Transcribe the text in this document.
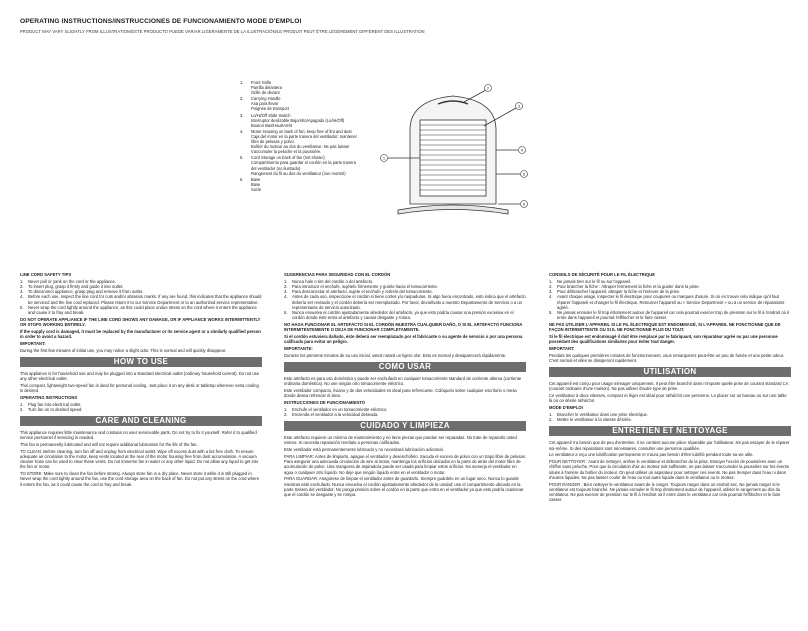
OPERATING INSTRUCTIONS/INSTRUCCIONES DE FUNCIONAMIENTO MODE D'EMPLOI
PRODUCT MAY VARY SLIGHTLY FROM ILLUSTRATION/ESTE PRODUCTO PUEDE VARIAR LIGERAMENTE DE LA ILUSTRACIÓN/LE PRODUIT PEUT ÊTRE LÉGÈREMENT DIFFÉRENT DES ILLUSTRATION
1.	Front Grille
Parrilla delantera
Grille de devant
2.	Carrying Handle
Asa para llevar
Poignée de transport
3.	Lo/Hi/Off Slide Switch
Interruptor deslizable Bajo/Alto/Apagado (Lo/Hi/Off)
Bouton Bas/Haut/Arrêt
4.	Motor Housing on back of fan; keep free of lint and dust
Caja del motor en la parte trasera del ventilador; mantener
libre de pelusas y polvo
Boîtier du moteur au dos du ventilateur. Ne pas laisser
s'accumuler la peluche et la poussière.
5.	Cord Storage on back of fan (not shown)
Compartimento para guardar el cordón en la parte trasera
del ventilador (no ilustrado)
Rangement du fil au dos du ventilateur (non montré)
6.	Base
Base
Socle
1
2
3
4
5
6

LINE CORD SAFETY TIPS

1.	Never pull or yank on the cord or the appliance.
2.	To insert plug, grasp it firmly and guide it into outlet.
3.	To disconnect appliance, grasp plug and remove it from outlet.
4.	Before each use, inspect the line cord for cuts and/or abrasion marks. If any are found, this indicates that the appliance should be serviced and the line cord replaced. Please return it to our Service Department or to an authorized service representative.
5.	Never wrap the cord tightly around the appliance, as this could place undue stress on the cord where it enters the appliance and cause it to fray and break.

DO NOT OPERATE APPLIANCE IF THE LINE CORD SHOWS ANY DAMAGE, OR IF APPLIANCE WORKS INTERMITTENTLY OR STOPS WORKING ENTIRELY.

If the supply cord is damaged, it must be replaced by the manufacturer or its service agent or a similarly qualified person in order to avoid a hazard.

IMPORTANT:

During the first few minutes of initial use, you may notice a slight odor. This is normal and will quickly disappear.

HOW TO USE

This appliance is for household use and may be plugged into a standard electrical outlet (ordinary household current). Do not use any other electrical outlet.

This compact, lightweight two-speed fan is ideal for personal cooling. Just place it on any desk or tabletop wherever extra cooling is desired.

OPERATING INSTRUCTIONS

1.	Plug fan into electrical outlet.
2.	Turn fan on to desired speed.
CARE AND CLEANING

This appliance requires little maintenance and contains no user serviceable parts. Do not try to fix it yourself. Refer it to qualified service personnel if servicing is needed.

This fan is permanently lubricated and will not require additional lubrication for the life of the fan.

TO CLEAN: Before cleaning, turn fan off and unplug from electrical outlet. Wipe off excess dust with a lint free cloth. To ensure adequate air circulation to the motor, keep vents located at the rear of the motor housing free from dust accumulation. A vacuum cleaner hose can be used to clear these vents. Do not immerse fan in water or any other liquid. Do not allow any liquid to get into the fan or motor.

TO STORE: Make sure to clean the fan before storing. Always store fan in a dry place. Never store it while it is still plugged in. Never wrap the cord tightly around the fan, use the cord storage area on the back of fan. Do not put any stress on the cord where it enters the fan, as it could cause the cord to fray and break.

SUGERENCIAS PARA SEGURIDAD CON EL CORDÓN

1.	Nunca hale o tire del cordón o del artefacto.
2.	Para introducir el enchufe, sujételo firmemente y guíelo hacia el tomacorriente.
3.	Para desconectar el artefacto, sujete el enchufe y retírelo del tomacorriente.
4.	Antes de cada uso, inspeccione el cordón si tiene cortes y/o raspaduras. Si algo fuera encontrado, esto indica que el artefacto debería ser revisado y el cordón debería ser reemplazado. Por favor, devuélvalo a nuestro Departamento de Servicio o a un representante de servicio autorizado.
5.	Nunca envuelva el cordón ajustadamente alrededor del artefacto, ya que esto podría causar una presión excesiva en el cordón donde éste entra al artefacto y causar desgaste y rotura.

NO HAGA FUNCIONAR EL ARTEFACTO SI EL CORDÓN MUESTRA CUALQUIER DAÑO, O SI EL ARTEFACTO FUNCIONA INTERMITENTEMENTE O DEJA DE FUNCIONAR COMPLETAMENTE.

Si el cordón estuviera dañado, éste deberá ser reemplazado por el fabricante o su agente de servicio o por una persona calificada para evitar un peligro.

IMPORTANTE:

Durante los primeros minutos de su uso inicial, usted notará un ligero olor. Esto es normal y desaparecerá rápidamente.

COMO USAR

Este artefacto es para uso doméstico y puede ser enchufado en cualquier tomacorriente standard de corriente alterna (corriente ordinaria doméstica). No use ningún otro tomacorriente eléctrico.

Este ventilador compacto, liviano y de dos velocidades es ideal para refrescarse. Colóquelo sobre cualquier escritorio o mesa donde desea refrescar el área.

INSTRUCCIONES DE FUNCIONAMIENTO

1.	Enchufe el ventilador en un tomacorriente eléctrico.
2.	Encienda el ventilador a la velocidad deseada.
CUIDADO Y LIMPIEZA

Este artefacto requiere un mínimo de mantenimiento y no tiene piezas que puedan ser reparadas. No trate de repararlo usted mismo. Si necesita reparación remítalo a personas calificadas.

Este ventilador está permanentemente lubricado y no necesitará lubricación adicional.

PARA LIMPIAR: Antes de limpiarlo, apague el ventilador y desenchúfelo. Sacuda el exceso de polvo con un trapo libre de pelusas. Para asegurar una adecuada circulación de aire al motor, mantenga los orificios ubicados en la parte de atrás del motor libre de acumulación de polvo. Una manguera de aspiradora puede ser usada para limpiar estos orificios. No sumerja el ventilador en agua o cualquier otro líquido. No deje que ningún líquido entre en el ventilador o motor.

PARA GUARDAR: Asegúrese de limpiar el ventilador antes de guardarlo. Siempre guárdelo en un lugar seco. Nunca lo guarde mientras esté enchufado. Nunca envuelva el cordón ajustadamente alrededor de la unidad; use el compartimento ubicado en la parte trasera del ventilador. No ponga presión sobre el cordón en la parte que entra en el ventilador ya que esto podría ocasionar que el cordón se desgaste y se rompa.

CONSEILS DE SÉCURITÉ POUR LE FIL ÉLECTRIQUE

1.	Ne jamais tirer sur le fil ou sur l'appareil.
2.	Pour brancher la fiche : Attraper fermement la fiche et la guider dans la prise.
3.	Pour débrancher l'appareil, attraper la fiche et l'enlever de la prise.
4.	Avant chaque usage, inspecter le fil électrique pour coupures ou marques d'usure. Si on en trouve cela indique qu'il faut réparer l'appareil et changer le fil électrique. Retourner l'appareil au « Service Department » ou à un service de réparations agréé.
5.	Ne jamais enrouler le fil trop étroitement autour de l'appareil car cela pourrait exercer trop de pression sur le fil à l'endroit où il entre dans l'appareil et pourrait l'effilocher et le faire casser.

NE PAS UTILISER L'APPAREIL SI LE FIL ÉLECTRIQUE EST ENDOMMAGÉ, SI L'APPAREIL NE FONCTIONNE QUE DE FAÇON INTERMITTENTE OU SI IL NE FONCTIONNE PLUS DU TOUT.

Si le fil électrique est endommagé il doit être remplacé par le fabriquant, son réparateur agréé ou par une personne possédant des qualifications similaires pour éviter tout danger.

IMPORTANT:

Pendant les quelques premières minutes de fonctionnement, vous remarquerez peut-être un peu de fumée et une petite odeur. C'est normal et elles se dissiperont rapidement.

UTILISATION

Cet appareil est conçu pour usage ménager uniquement. Il peut être branché dans n'importe quelle prise de courant standard CA (courant ordinaire d'une maison). Ne pas utiliser d'autre type de prise.

Ce ventilateur à deux vitesses, compact et léger est idéal pour rafraîchir une personne. Le placer sur un bureau ou sur une table là où on désire rafraîchir.

MODE D'EMPLOI

1.	Brancher le ventilateur dans une prise électrique.
2.	Mettre le ventilateur à la vitesse désirée.
ENTRETIEN ET NETTOYAGE

Cet appareil n'a besoin que de peu d'entretien. Il ne contient aucune pièce réparable par l'utilisateur. Ne pas essayer de le réparer soi-même. Si des réparations sont nécessaires, consulter une personne qualifiée.

Le ventilateur a reçu une lubrification permanente et n'aura pas besoin d'être lubrifié pendant toute sa vie utile.

POUR NETTOYER : Avant de nettoyer, arrêter le ventilateur et débrancher de la prise. Essuyer l'excès de poussières avec un chiffon sans peluche. Pour que la circulation d'air au moteur soit suffisante, ne pas laisser s'accumuler la poussière sur les évents situés à l'arrière du boîtier du moteur. On peut utiliser un aspirateur pour nettoyer ces évents. Ne pas tremper dans l'eau ni dans d'autres liquides. Ne pas laisser couler de l'eau ou tout autre liquide dans le ventilateur ou le moteur.

POUR RANGER : Bien nettoyer le ventilateur avant de le ranger. Toujours ranger dans un endroit sec. Ne jamais ranger si le ventilateur est toujours branché. Ne jamais enrouler le fil trop étroitement autour de l'appareil, utiliser le rangement au dos du ventilateur. Ne pas exercer de pression sur le fil à l'endroit où il entre dans le ventilateur car cela pourrait l'effilocher et le faire casser.
